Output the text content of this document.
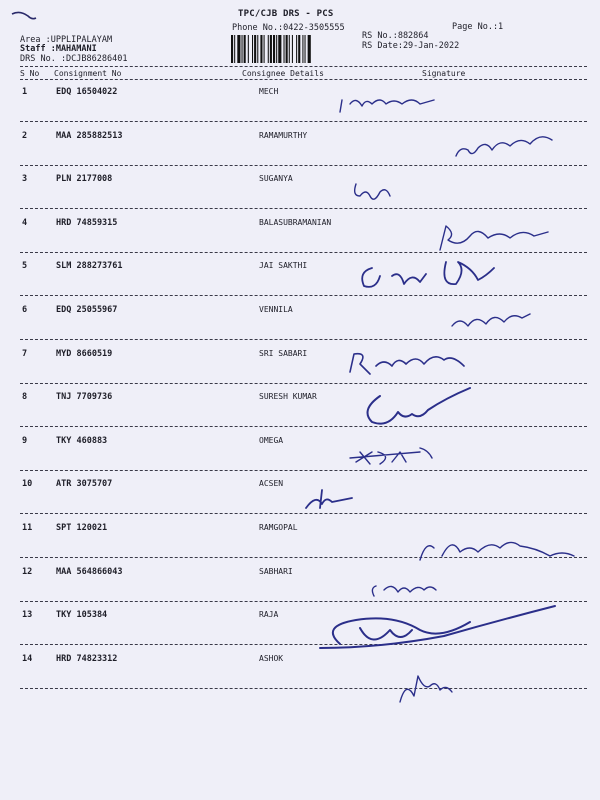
TPC/CJB DRS - PCS
Phone No.:0422-3505555	Page No.:1
RS No.:882864
RS Date:29-Jan-2022
Area :UPPLIPALAYAM
Staff :MAHAMANI
DRS No. :DCJB86286401
S No Consignment No	Consignee Details	Signature
1	EDQ 16504022	MECH
2	MAA 285882513	RAMAMURTHY
3	PLN 2177008	SUGANYA
4	HRD 74859315	BALASUBRAMANIAN
5	SLM 288273761	JAI SAKTHI
6	EDQ 25055967	VENNILA
7	MYD 8660519	SRI SABARI
8	TNJ 7709736	SURESH KUMAR
9	TKY 460883	OMEGA
10	ATR 3075707	ACSEN
11	SPT 120021	RAMGOPAL
12	MAA 564866043	SABHARI
13	TKY 105384	RAJA
14	HRD 74823312	ASHOK
